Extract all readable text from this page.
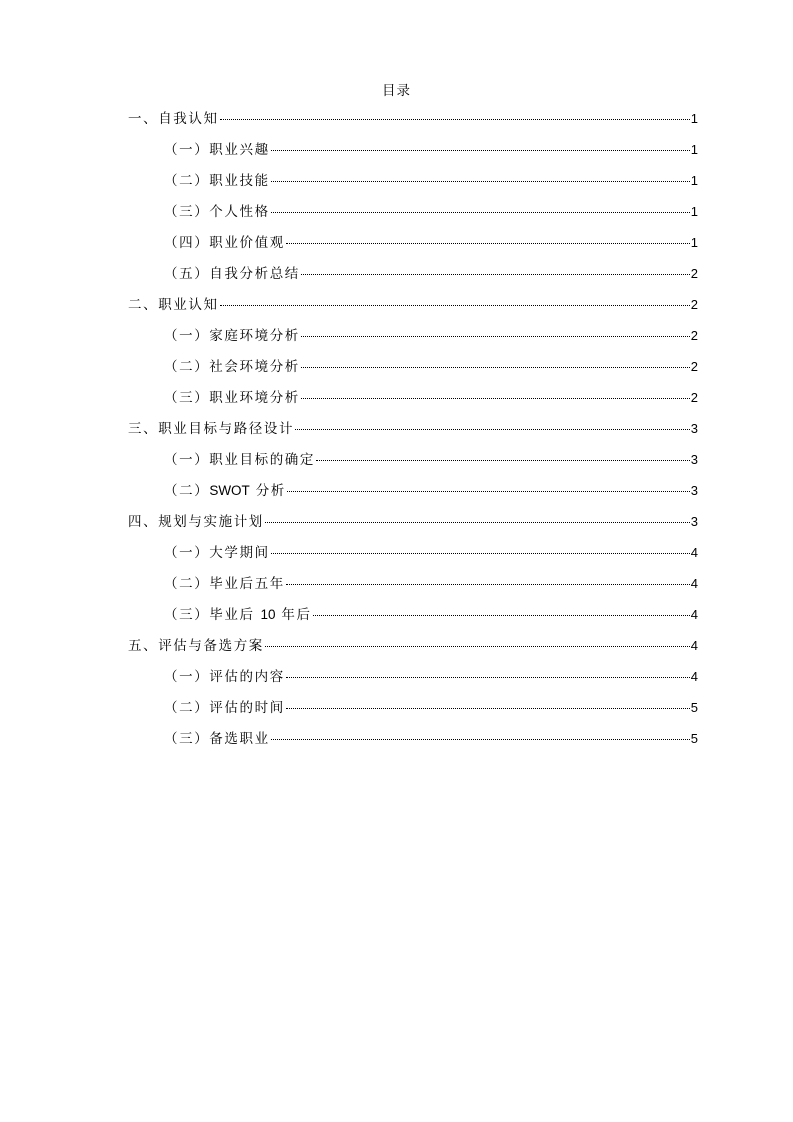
目录
一、自我认知	1
（一）职业兴趣	1
（二）职业技能	1
（三）个人性格	1
（四）职业价值观	1
（五）自我分析总结	2
二、职业认知	2
（一）家庭环境分析	2
（二）社会环境分析	2
（三）职业环境分析	2
三、职业目标与路径设计	3
（一）职业目标的确定	3
（二）SWOT 分析	3
四、规划与实施计划	3
（一）大学期间	4
（二）毕业后五年	4
（三）毕业后 10 年后	4
五、评估与备选方案	4
（一）评估的内容	4
（二）评估的时间	5
（三）备选职业	5
